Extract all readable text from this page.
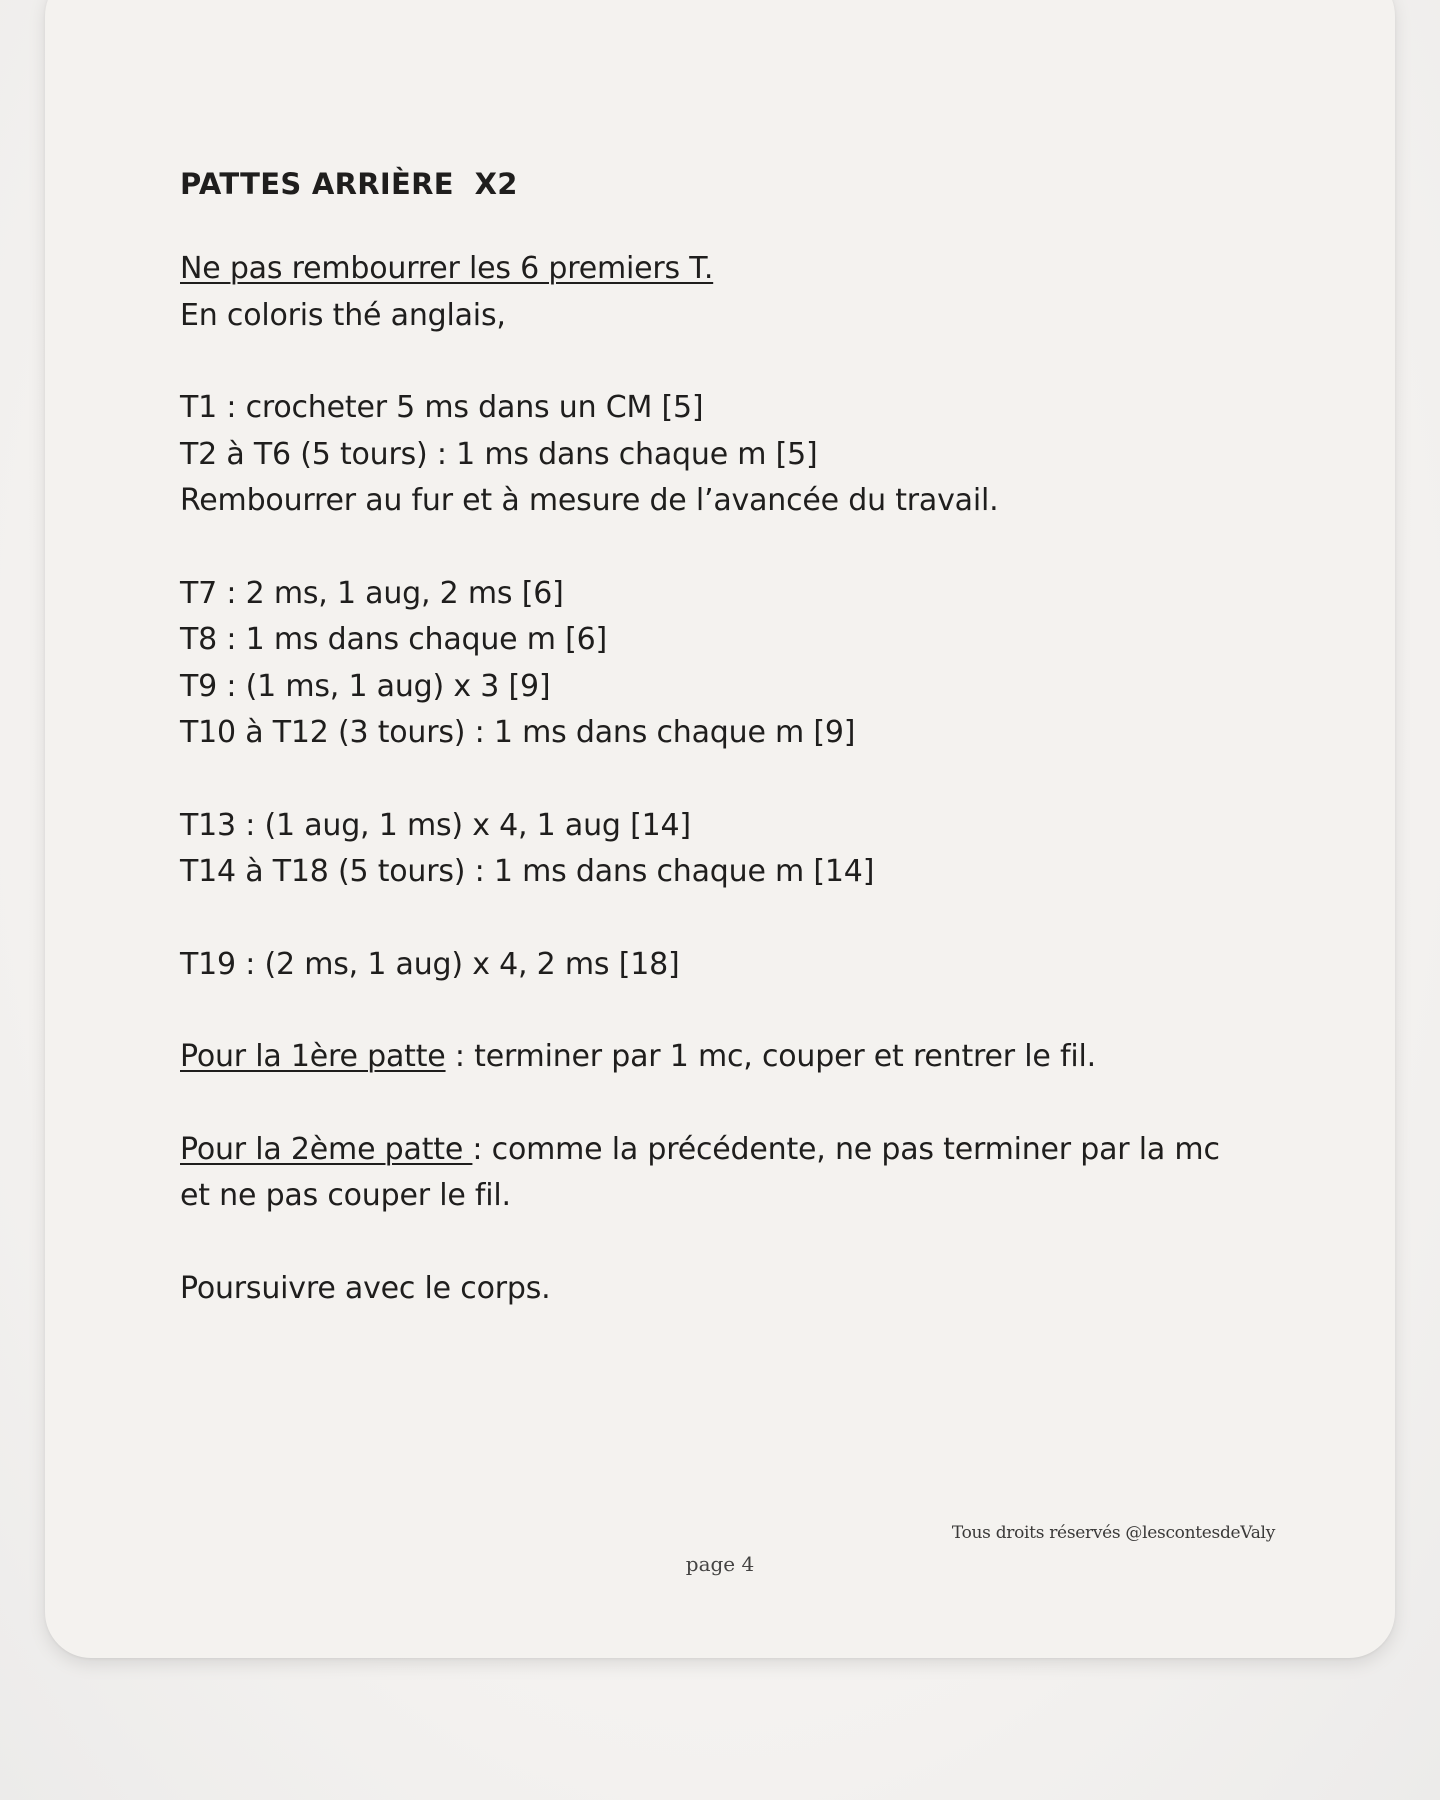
PATTES ARRIÈRE  X2
Ne pas rembourrer les 6 premiers T.
En coloris thé anglais,
T1 : crocheter 5 ms dans un CM [5]
T2 à T6 (5 tours) : 1 ms dans chaque m [5]
Rembourrer au fur et à mesure de l’avancée du travail.
T7 : 2 ms, 1 aug, 2 ms [6]
T8 : 1 ms dans chaque m [6]
T9 : (1 ms, 1 aug) x 3 [9]
T10 à T12 (3 tours) : 1 ms dans chaque m [9]
T13 : (1 aug, 1 ms) x 4, 1 aug [14]
T14 à T18 (5 tours) : 1 ms dans chaque m [14]
T19 : (2 ms, 1 aug) x 4, 2 ms [18]
Pour la 1ère patte : terminer par 1 mc, couper et rentrer le fil.
Pour la 2ème patte : comme la précédente, ne pas terminer par la mc
et ne pas couper le fil.
Poursuivre avec le corps.
Tous droits réservés @lescontesdeValy
page 4
